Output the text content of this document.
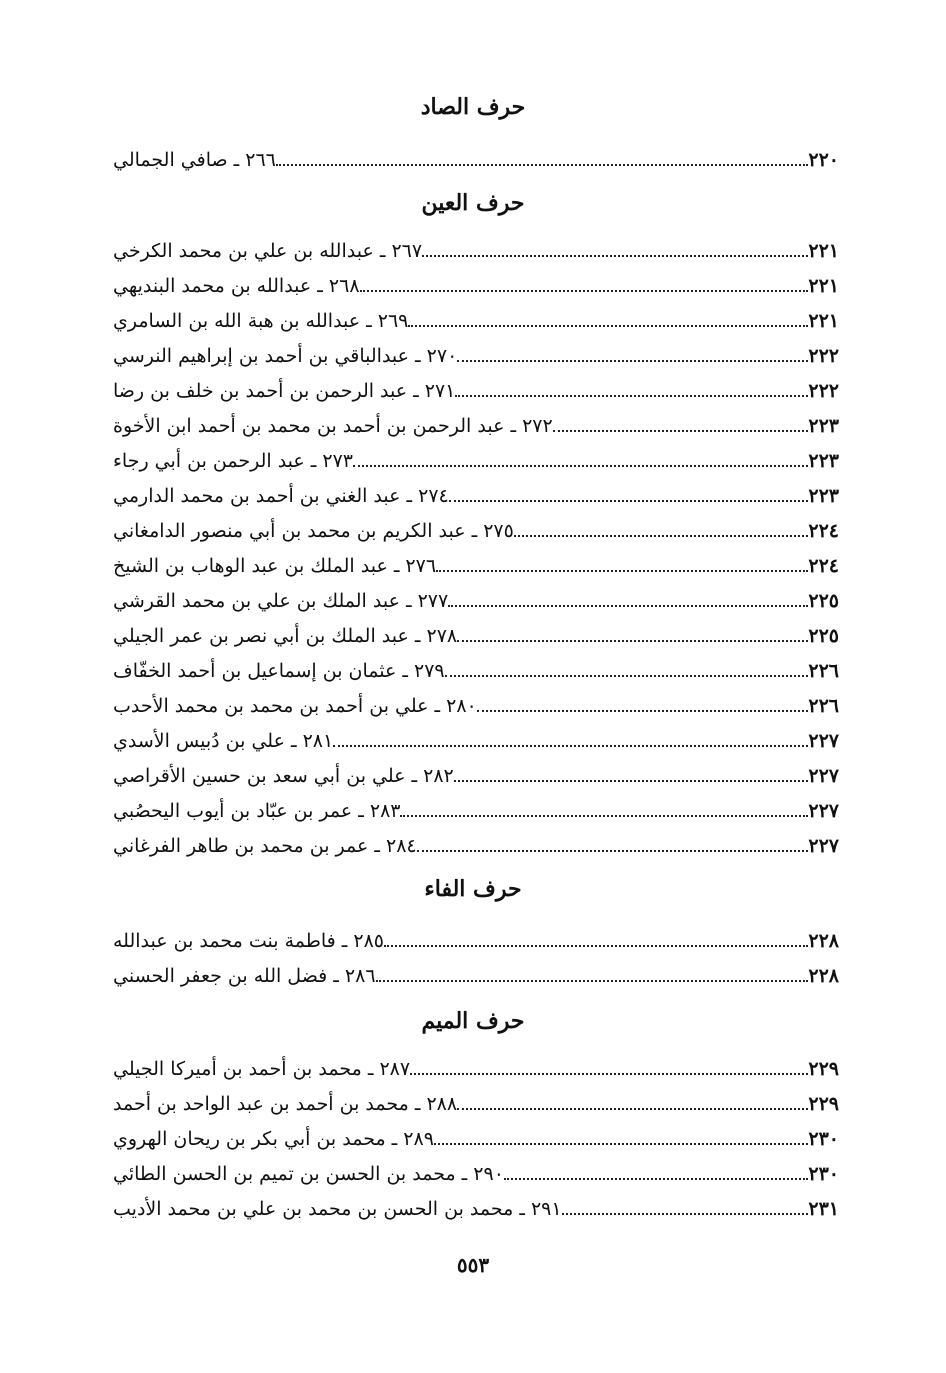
حرف الصاد
٢٢٠
٢٦٦ ـ صافي الجمالي
حرف العين
٢٢١
٢٦٧ ـ عبدالله بن علي بن محمد الكرخي
٢٢١
٢٦٨ ـ عبدالله بن محمد البنديهي
٢٢١
٢٦٩ ـ عبدالله بن هبة الله بن السامري
٢٢٢
٢٧٠ ـ عبدالباقي بن أحمد بن إبراهيم النرسي
٢٢٢
٢٧١ ـ عبد الرحمن بن أحمد بن خلف بن رضا
٢٢٣
٢٧٢ ـ عبد الرحمن بن أحمد بن محمد بن أحمد ابن الأخوة
٢٢٣
٢٧٣ ـ عبد الرحمن بن أبي رجاء
٢٢٣
٢٧٤ ـ عبد الغني بن أحمد بن محمد الدارمي
٢٢٤
٢٧٥ ـ عبد الكريم بن محمد بن أبي منصور الدامغاني
٢٢٤
٢٧٦ ـ عبد الملك بن عبد الوهاب بن الشيخ
٢٢٥
٢٧٧ ـ عبد الملك بن علي بن محمد القرشي
٢٢٥
٢٧٨ ـ عبد الملك بن أبي نصر بن عمر الجيلي
٢٢٦
٢٧٩ ـ عثمان بن إسماعيل بن أحمد الخفّاف
٢٢٦
٢٨٠ ـ علي بن أحمد بن محمد بن محمد الأحدب
٢٢٧
٢٨١ ـ علي بن دُبيس الأسدي
٢٢٧
٢٨٢ ـ علي بن أبي سعد بن حسين الأقراصي
٢٢٧
٢٨٣ ـ عمر بن عبّاد بن أيوب اليحصُبي
٢٢٧
٢٨٤ ـ عمر بن محمد بن طاهر الفرغاني
حرف الفاء
٢٢٨
٢٨٥ ـ فاطمة بنت محمد بن عبدالله
٢٢٨
٢٨٦ ـ فضل الله بن جعفر الحسني
حرف الميم
٢٢٩
٢٨٧ ـ محمد بن أحمد بن أميركا الجيلي
٢٢٩
٢٨٨ ـ محمد بن أحمد بن عبد الواحد بن أحمد
٢٣٠
٢٨٩ ـ محمد بن أبي بكر بن ريحان الهروي
٢٣٠
٢٩٠ ـ محمد بن الحسن بن تميم بن الحسن الطائي
٢٣١
٢٩١ ـ محمد بن الحسن بن محمد بن علي بن محمد الأديب
٥٥٣
